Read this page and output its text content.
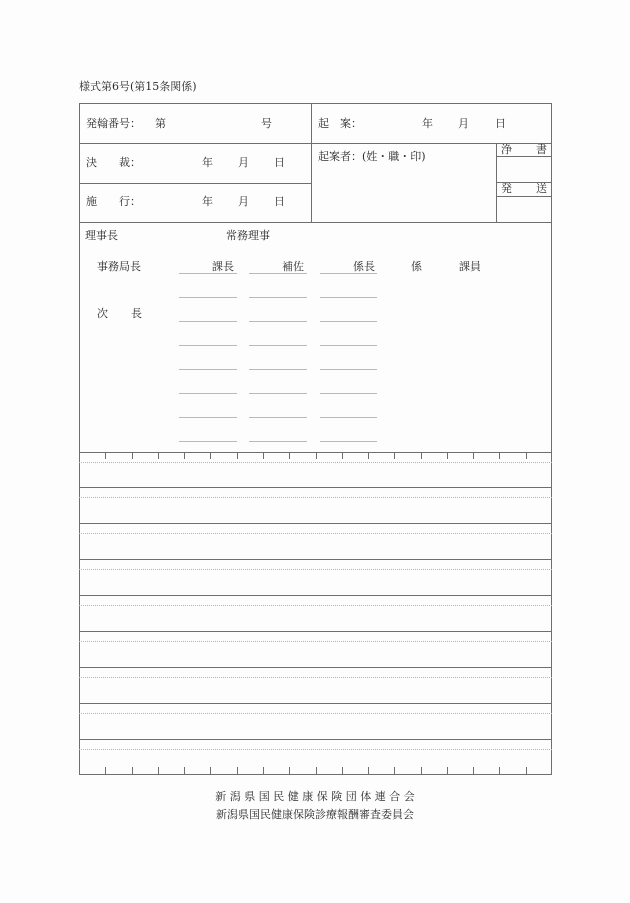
様式第6号(第15条関係)
発翰番号： 第	号	起　案：	年 月 日
決 裁：	年 月 日
施 行：	年 月 日
起案者：(姓・職・印)
浄 書
発 送
理事長	常務理事
事務局長
次 長
課長	補佐	係長	係	課員
新 潟 県 国 民 健 康 保 険 団 体 連 合 会
新潟県国民健康保険診療報酬審査委員会
